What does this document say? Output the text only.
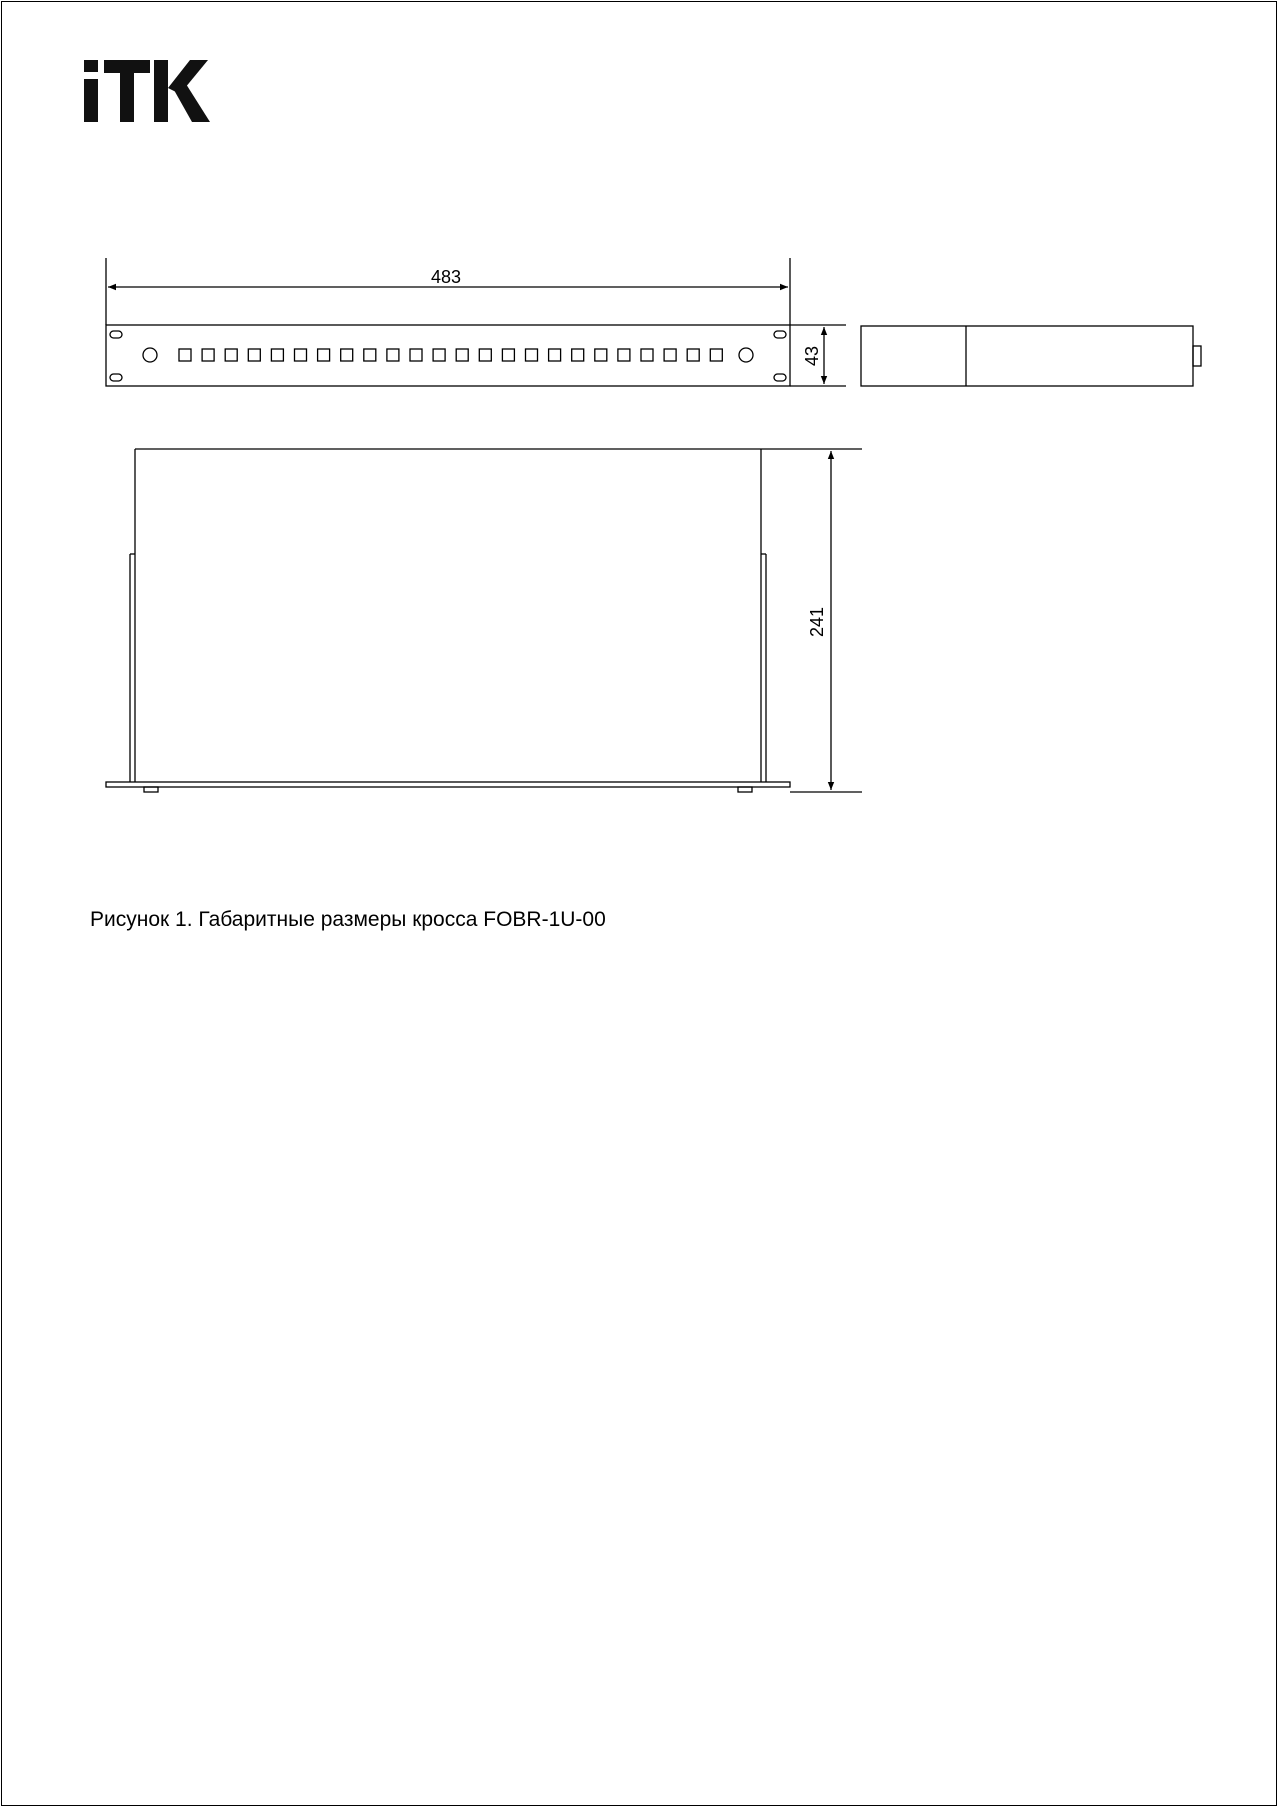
483
43
241
Рисунок 1. Габаритные размеры кросса FOBR-1U-00
